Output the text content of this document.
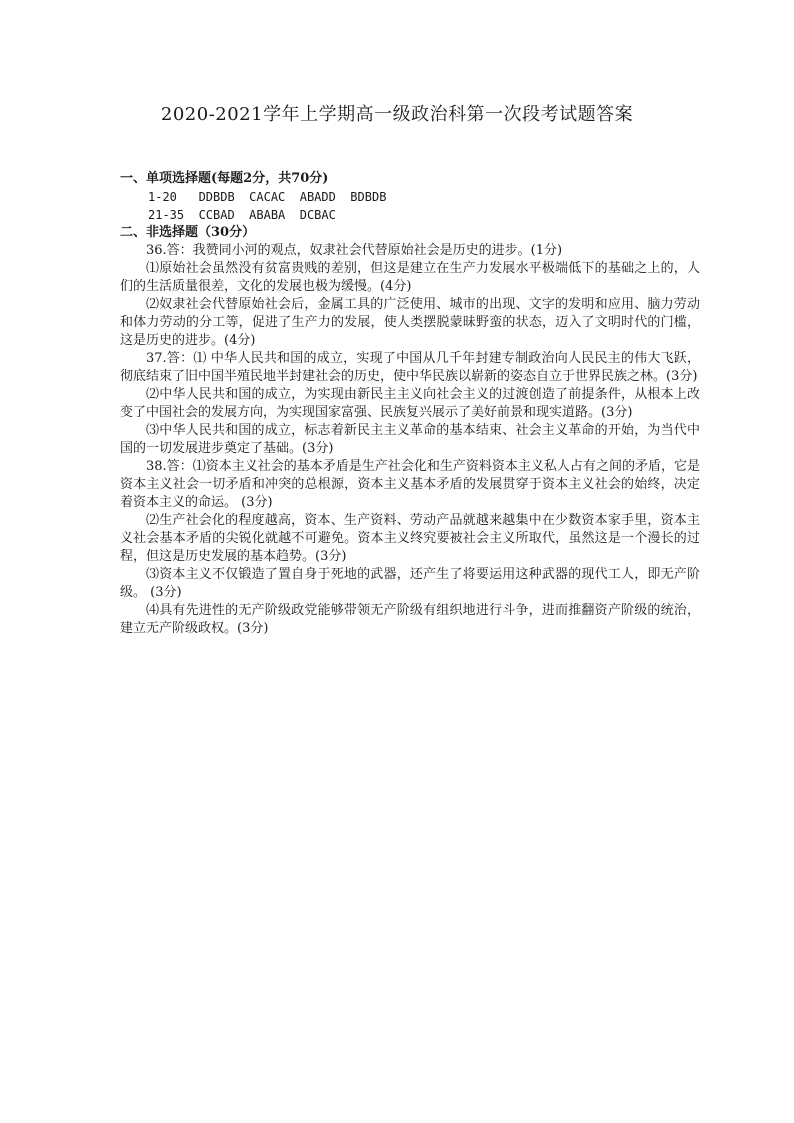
2020-2021学年上学期高一级政治科第一次段考试题答案

一、单项选择题(每题2分，共70分)

1-20   DDBDB  CACAC  ABADD  BDBDB

21-35  CCBAD  ABABA  DCBAC

二、非选择题（30分）

36.答：我赞同小河的观点，奴隶社会代替原始社会是历史的进步。(1分)

⑴原始社会虽然没有贫富贵贱的差别，但这是建立在生产力发展水平极端低下的基础之上的，人们的生活质量很差，文化的发展也极为缓慢。(4分)

⑵奴隶社会代替原始社会后，金属工具的广泛使用、城市的出现、文字的发明和应用、脑力劳动和体力劳动的分工等，促进了生产力的发展，使人类摆脱蒙昧野蛮的状态，迈入了文明时代的门槛，这是历史的进步。(4分)

37.答：⑴ 中华人民共和国的成立，实现了中国从几千年封建专制政治向人民民主的伟大飞跃，彻底结束了旧中国半殖民地半封建社会的历史，使中华民族以崭新的姿态自立于世界民族之林。(3分)

⑵中华人民共和国的成立，为实现由新民主主义向社会主义的过渡创造了前提条件，从根本上改变了中国社会的发展方向，为实现国家富强、民族复兴展示了美好前景和现实道路。(3分)

⑶中华人民共和国的成立，标志着新民主主义革命的基本结束、社会主义革命的开始，为当代中国的一切发展进步奠定了基础。(3分)

38.答：⑴资本主义社会的基本矛盾是生产社会化和生产资料资本主义私人占有之间的矛盾，它是资本主义社会一切矛盾和冲突的总根源，资本主义基本矛盾的发展贯穿于资本主义社会的始终，决定着资本主义的命运。 (3分)

⑵生产社会化的程度越高，资本、生产资料、劳动产品就越来越集中在少数资本家手里，资本主义社会基本矛盾的尖锐化就越不可避免。资本主义终究要被社会主义所取代，虽然这是一个漫长的过程，但这是历史发展的基本趋势。(3分)

⑶资本主义不仅锻造了置自身于死地的武器，还产生了将要运用这种武器的现代工人，即无产阶级。 (3分)

⑷具有先进性的无产阶级政党能够带领无产阶级有组织地进行斗争，进而推翻资产阶级的统治，建立无产阶级政权。(3分)
